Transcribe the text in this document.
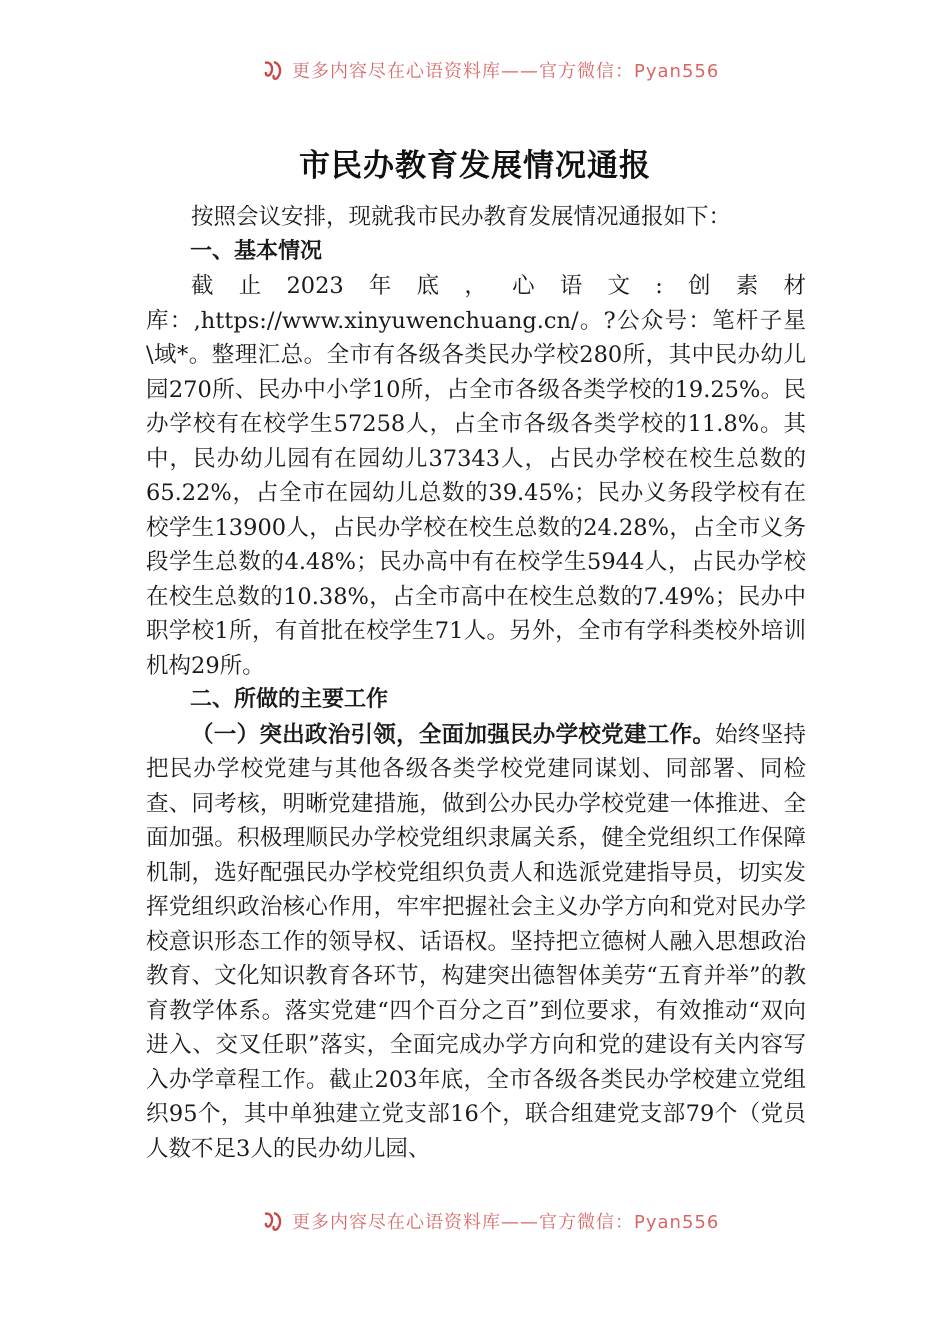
更多内容尽在心语资料库——官方微信：Pyan556
市民办教育发展情况通报

按照会议安排，现就我市民办教育发展情况通报如下：

一、基本情况

截止2023年底，心语文:创素材库：,https://www.xinyuwenchuang.cn/。?公众号：笔杆子星\域*。整理汇总。全市有各级各类民办学校280所，其中民办幼儿园270所、民办中小学10所，占全市各级各类学校的19.25%。民办学校有在校学生57258人，占全市各级各类学校的11.8%。其中，民办幼儿园有在园幼儿37343人，占民办学校在校生总数的65.22%，占全市在园幼儿总数的39.45%；民办义务段学校有在校学生13900人，占民办学校在校生总数的24.28%，占全市义务段学生总数的4.48%；民办高中有在校学生5944人，占民办学校在校生总数的10.38%，占全市高中在校生总数的7.49%；民办中职学校1所，有首批在校学生71人。另外，全市有学科类校外培训机构29所。

二、所做的主要工作

（一）突出政治引领，全面加强民办学校党建工作。始终坚持把民办学校党建与其他各级各类学校党建同谋划、同部署、同检查、同考核，明晰党建措施，做到公办民办学校党建一体推进、全面加强。积极理顺民办学校党组织隶属关系，健全党组织工作保障机制，选好配强民办学校党组织负责人和选派党建指导员，切实发挥党组织政治核心作用，牢牢把握社会主义办学方向和党对民办学校意识形态工作的领导权、话语权。坚持把立德树人融入思想政治教育、文化知识教育各环节，构建突出德智体美劳“五育并举”的教育教学体系。落实党建“四个百分之百”到位要求，有效推动“双向进入、交叉任职”落实，全面完成办学方向和党的建设有关内容写入办学章程工作。截止203年底，全市各级各类民办学校建立党组织95个，其中单独建立党支部16个，联合组建党支部79个（党员人数不足3人的民办幼儿园、

更多内容尽在心语资料库——官方微信：Pyan556
